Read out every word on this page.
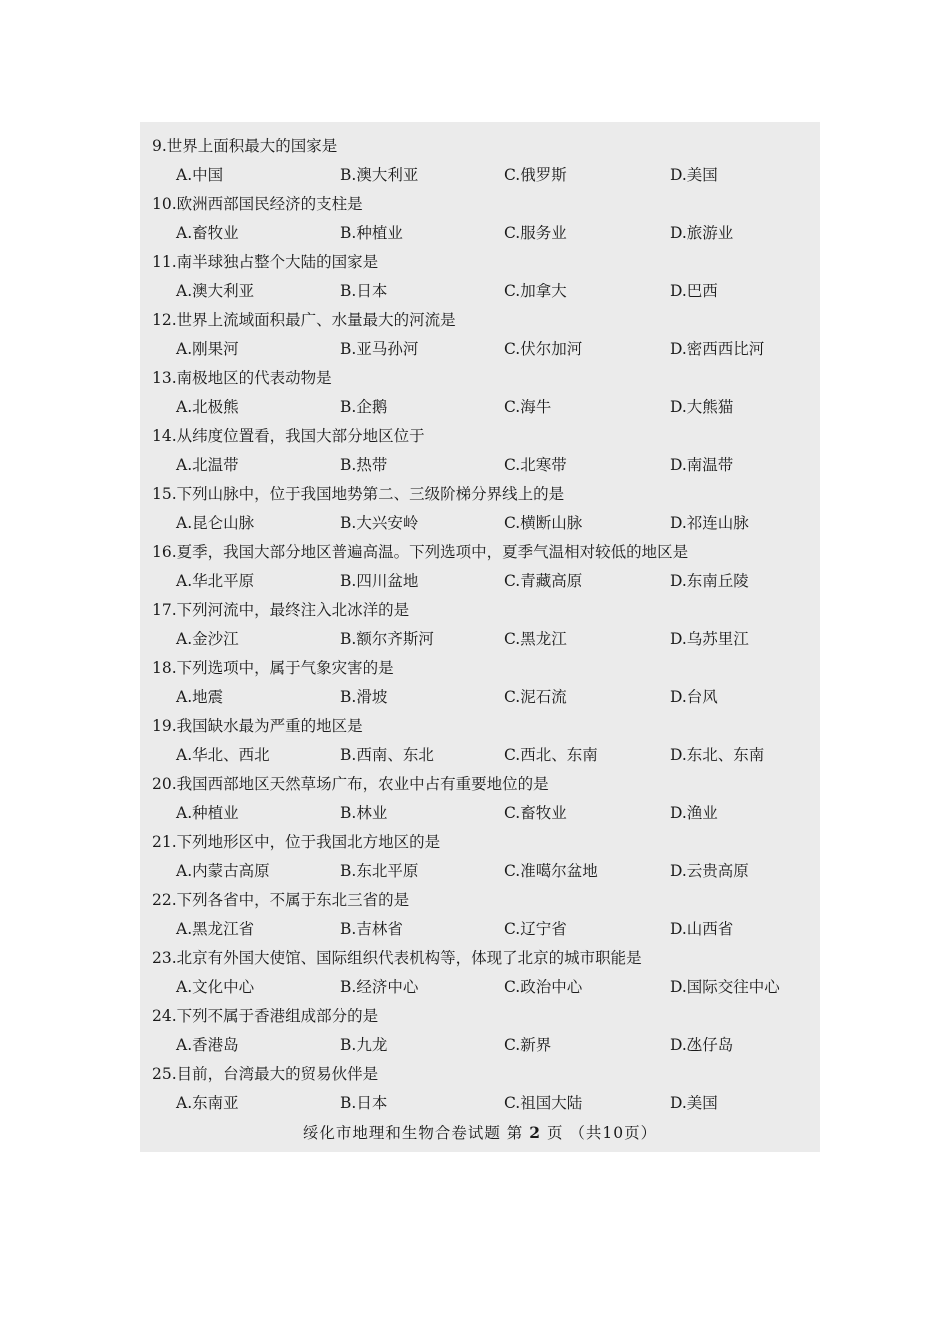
9.世界上面积最大的国家是
A.中国	B.澳大利亚	C.俄罗斯	D.美国
10.欧洲西部国民经济的支柱是
A.畜牧业	B.种植业	C.服务业	D.旅游业
11.南半球独占整个大陆的国家是
A.澳大利亚	B.日本	C.加拿大	D.巴西
12.世界上流域面积最广、水量最大的河流是
A.刚果河	B.亚马孙河	C.伏尔加河	D.密西西比河
13.南极地区的代表动物是
A.北极熊	B.企鹅	C.海牛	D.大熊猫
14.从纬度位置看，我国大部分地区位于
A.北温带	B.热带	C.北寒带	D.南温带
15.下列山脉中，位于我国地势第二、三级阶梯分界线上的是
A.昆仑山脉	B.大兴安岭	C.横断山脉	D.祁连山脉
16.夏季，我国大部分地区普遍高温。下列选项中，夏季气温相对较低的地区是
A.华北平原	B.四川盆地	C.青藏高原	D.东南丘陵
17.下列河流中，最终注入北冰洋的是
A.金沙江	B.额尔齐斯河	C.黑龙江	D.乌苏里江
18.下列选项中，属于气象灾害的是
A.地震	B.滑坡	C.泥石流	D.台风
19.我国缺水最为严重的地区是
A.华北、西北	B.西南、东北	C.西北、东南	D.东北、东南
20.我国西部地区天然草场广布，农业中占有重要地位的是
A.种植业	B.林业	C.畜牧业	D.渔业
21.下列地形区中，位于我国北方地区的是
A.内蒙古高原	B.东北平原	C.准噶尔盆地	D.云贵高原
22.下列各省中，不属于东北三省的是
A.黑龙江省	B.吉林省	C.辽宁省	D.山西省
23.北京有外国大使馆、国际组织代表机构等，体现了北京的城市职能是
A.文化中心	B.经济中心	C.政治中心	D.国际交往中心
24.下列不属于香港组成部分的是
A.香港岛	B.九龙	C.新界	D.氹仔岛
25.目前，台湾最大的贸易伙伴是
A.东南亚	B.日本	C.祖国大陆	D.美国
绥化市地理和生物合卷试题 第 2 页 （共10页）
